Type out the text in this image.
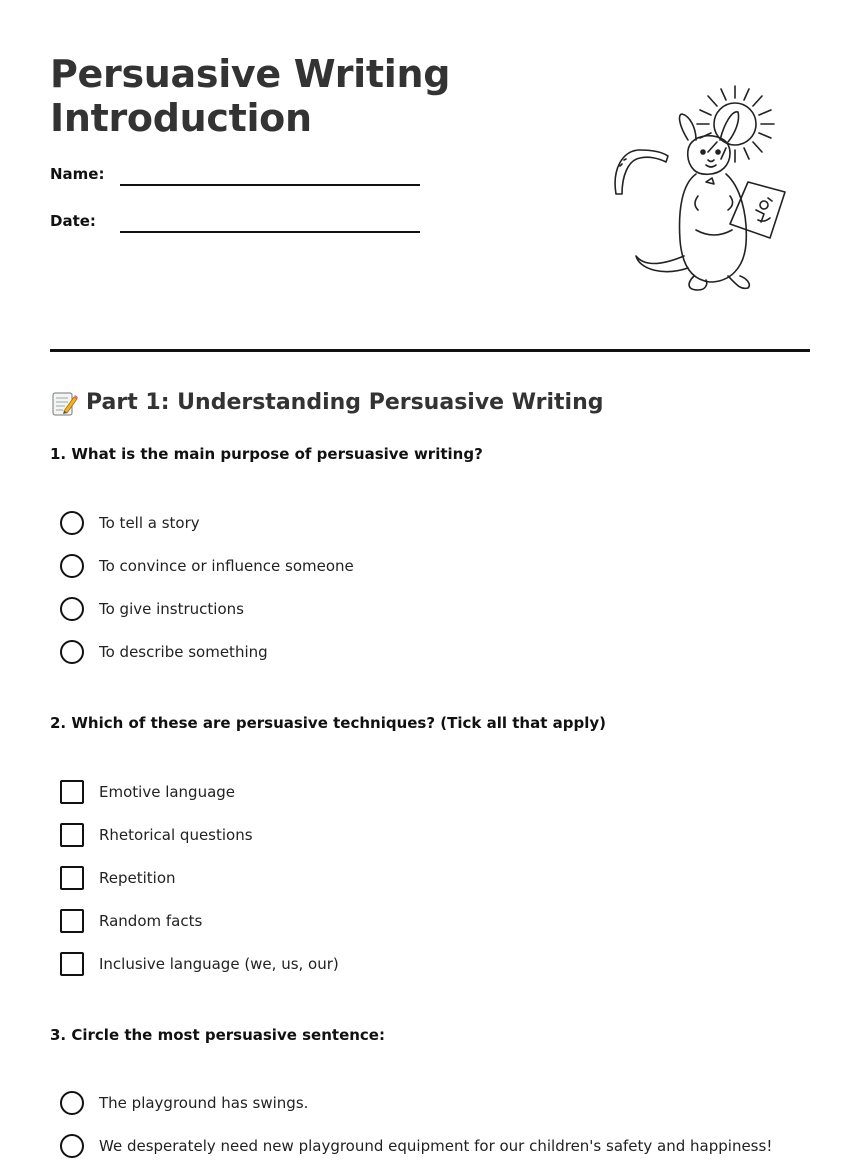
Persuasive Writing
Introduction
Name:
Date:
Part 1: Understanding Persuasive Writing

1. What is the main purpose of persuasive writing?

To tell a story
To convince or influence someone
To give instructions
To describe something

2. Which of these are persuasive techniques? (Tick all that apply)

Emotive language
Rhetorical questions
Repetition
Random facts
Inclusive language (we, us, our)

3. Circle the most persuasive sentence:

The playground has swings.
We desperately need new playground equipment for our children's safety and happiness!
